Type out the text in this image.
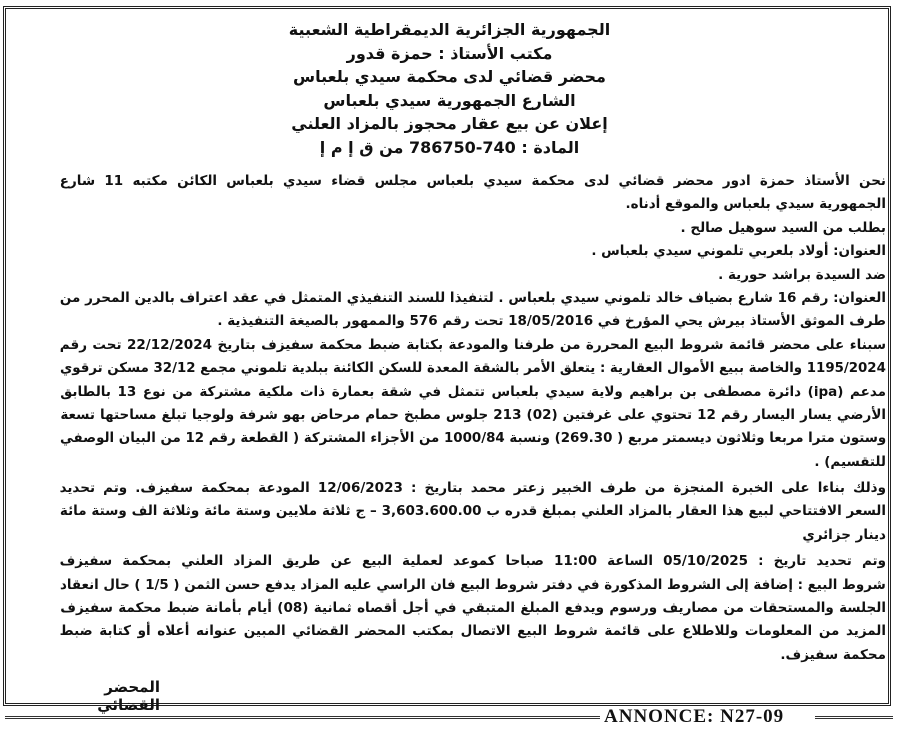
الجمهورية الجزائرية الديمقراطية الشعبية
مكتب الأستاذ : حمزة قدور
محضر قضائي لدى محكمة سيدي بلعباس
الشارع الجمهورية سيدي بلعباس
إعلان عن بيع عقار محجوز بالمزاد العلني
المادة : 740-786750 من ق إ م إ
نحن الأستاذ حمزة ادور محضر قضائي لدى محكمة سيدي بلعباس مجلس قضاء سيدي بلعباس الكائن مكتبه 11 شارع
الجمهورية سيدي بلعباس والموقع أدناه.
بطلب من السيد سوهيل صالح .
العنوان: أولاد بلعربي تلموني سيدي بلعباس .
ضد السيدة براشد حورية .
العنوان: رقم 16 شارع بضياف خالد تلموني سيدي بلعباس . لتنفيذا للسند التنفيذي المتمثل في عقد اعتراف بالدين المحرر من
طرف الموثق الأستاذ بيرش يحي المؤرخ في 18/05/2016 تحت رقم 576 والممهور بالصيغة التنفيذية .
سبناء على محضر قائمة شروط البيع المحررة من طرفنا والمودعة بكتابة ضبط محكمة سفيزف بتاريخ 22/12/2024 تحت رقم
1195/2024 والخاصة ببيع الأموال العقارية : يتعلق الأمر بالشقة المعدة للسكن الكائنة ببلدية تلموني مجمع 32/12 مسكن ترقوي
مدعم (ipa) دائرة مصطفى بن براهيم ولاية سيدي بلعباس تتمثل في شقة بعمارة ذات ملكية مشتركة من نوع 13 بالطابق
الأرضي يسار اليسار رقم 12 تحتوي على غرفتين (02) 213 جلوس مطبخ حمام مرحاض بهو شرفة ولوجيا تبلغ مساحتها تسعة
وستون مترا مربعا وثلاثون ديسمتر مربع ( 269.30) ونسبة 1000/84 من الأجزاء المشتركة ( القطعة رقم 12 من البيان الوصفي
للتقسيم) .
وذلك بناءا على الخبرة المنجزة من طرف الخبير زعتر محمد بتاريخ : 12/06/2023 المودعة بمحكمة سفيزف. وتم تحديد
السعر الافتتاحي لبيع هذا العقار بالمزاد العلني بمبلغ قدره ب 3,603.600.00 – ج ثلاثة ملايين وستة مائة وثلاثة الف وستة مائة
دينار جزائري
وتم تحديد تاريخ : 05/10/2025 الساعة 11:00 صباحا كموعد لعملية البيع عن طريق المزاد العلني بمحكمة سفيزف
شروط البيع : إضافة إلى الشروط المذكورة في دفتر شروط البيع فان الراسي عليه المزاد يدفع حسن الثمن ( 1/5 ) حال انعقاد
الجلسة والمستحقات من مصاريف ورسوم ويدفع المبلغ المتبقي في أجل أقصاه ثمانية (08) أيام بأمانة ضبط محكمة سفيزف
المزيد من المعلومات وللاطلاع على قائمة شروط البيع الاتصال بمكتب المحضر القضائي المبين عنوانه أعلاه أو كتابة ضبط
محكمة سفيزف.
المحضر القضائي
ANNONCE: N27-09
